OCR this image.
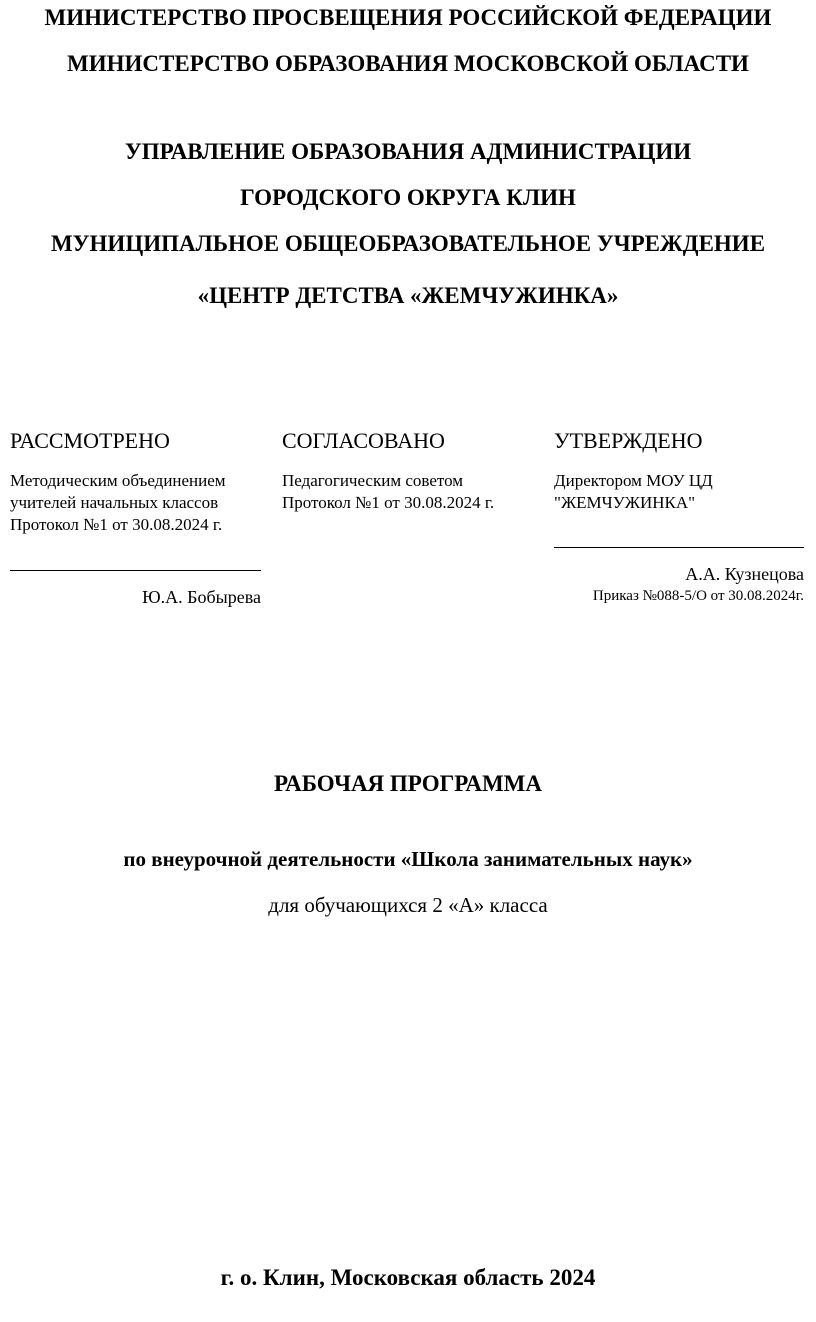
МИНИСТЕРСТВО ПРОСВЕЩЕНИЯ РОССИЙСКОЙ ФЕДЕРАЦИИ
МИНИСТЕРСТВО ОБРАЗОВАНИЯ МОСКОВСКОЙ ОБЛАСТИ
УПРАВЛЕНИЕ ОБРАЗОВАНИЯ АДМИНИСТРАЦИИ
ГОРОДСКОГО ОКРУГА КЛИН
МУНИЦИПАЛЬНОЕ ОБЩЕОБРАЗОВАТЕЛЬНОЕ УЧРЕЖДЕНИЕ
«ЦЕНТР ДЕТСТВА «ЖЕМЧУЖИНКА»
РАССМОТРЕНО
Методическим объединением
учителей начальных классов
Протокол №1 от 30.08.2024 г.
Ю.А. Бобырева
СОГЛАСОВАНО
Педагогическим советом
Протокол №1 от 30.08.2024 г.
УТВЕРЖДЕНО
Директором МОУ ЦД
"ЖЕМЧУЖИНКА"
А.А. Кузнецова
Приказ №088-5/О от 30.08.2024г.
РАБОЧАЯ ПРОГРАММА
по внеурочной деятельности «Школа занимательных наук»
для обучающихся 2 «А» класса
г. о. Клин, Московская область 2024
